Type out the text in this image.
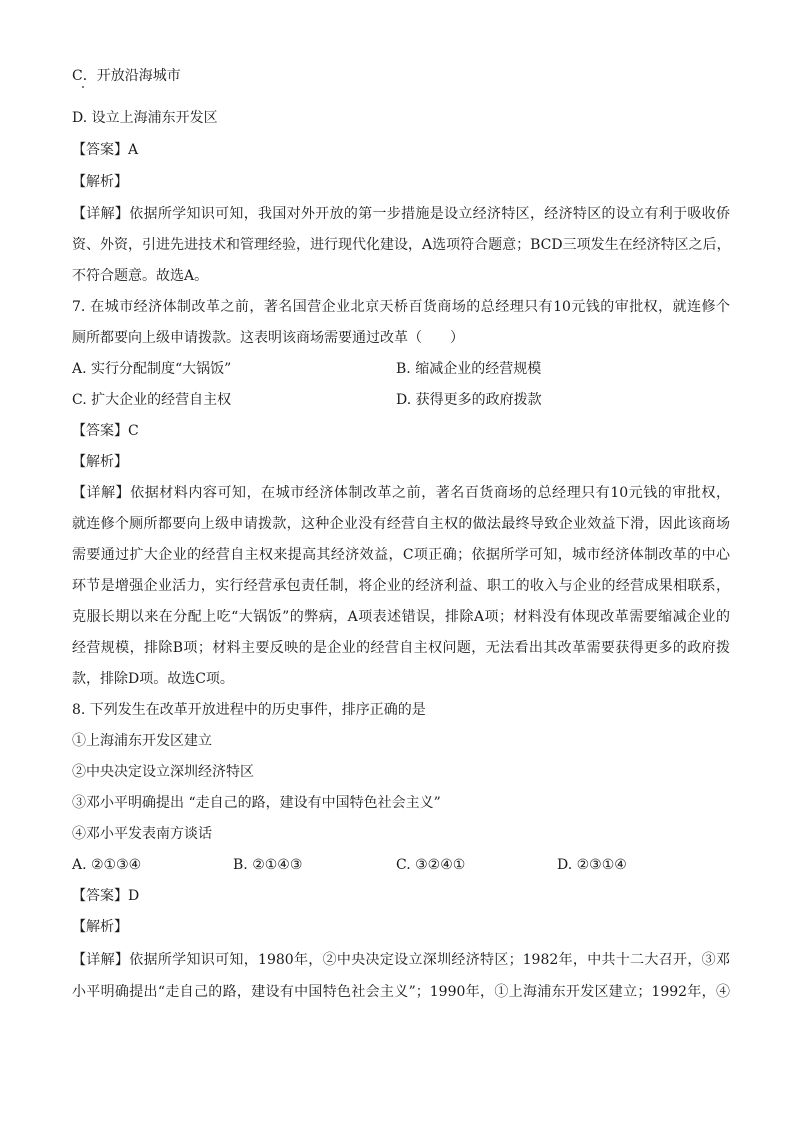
C．开放沿海城市
D. 设立上海浦东开发区
【答案】A
【解析】
【详解】依据所学知识可知，我国对外开放的第一步措施是设立经济特区，经济特区的设立有利于吸收侨
资、外资，引进先进技术和管理经验，进行现代化建设，A选项符合题意；BCD三项发生在经济特区之后，
不符合题意。故选A。
7. 在城市经济体制改革之前，著名国营企业北京天桥百货商场的总经理只有10元钱的审批权，就连修个
厕所都要向上级申请拨款。这表明该商场需要通过改革（　　）
A. 实行分配制度“大锅饭”	B. 缩减企业的经营规模
C. 扩大企业的经营自主权	D. 获得更多的政府拨款
【答案】C
【解析】
【详解】依据材料内容可知，在城市经济体制改革之前，著名百货商场的总经理只有10元钱的审批权，
就连修个厕所都要向上级申请拨款，这种企业没有经营自主权的做法最终导致企业效益下滑，因此该商场
需要通过扩大企业的经营自主权来提高其经济效益，C项正确；依据所学可知，城市经济体制改革的中心
环节是增强企业活力，实行经营承包责任制，将企业的经济利益、职工的收入与企业的经营成果相联系，
克服长期以来在分配上吃“大锅饭”的弊病，A项表述错误，排除A项；材料没有体现改革需要缩减企业的
经营规模，排除B项；材料主要反映的是企业的经营自主权问题，无法看出其改革需要获得更多的政府拨
款，排除D项。故选C项。
8. 下列发生在改革开放进程中的历史事件，排序正确的是
①上海浦东开发区建立
②中央决定设立深圳经济特区
③邓小平明确提出 “走自己的路，建设有中国特色社会主义”
④邓小平发表南方谈话
A. ②①③④	B. ②①④③	C. ③②④①	D. ②③①④
【答案】D
【解析】
【详解】依据所学知识可知，1980年，②中央决定设立深圳经济特区；1982年，中共十二大召开，③邓
小平明确提出“走自己的路，建设有中国特色社会主义”；1990年，①上海浦东开发区建立；1992年，④
